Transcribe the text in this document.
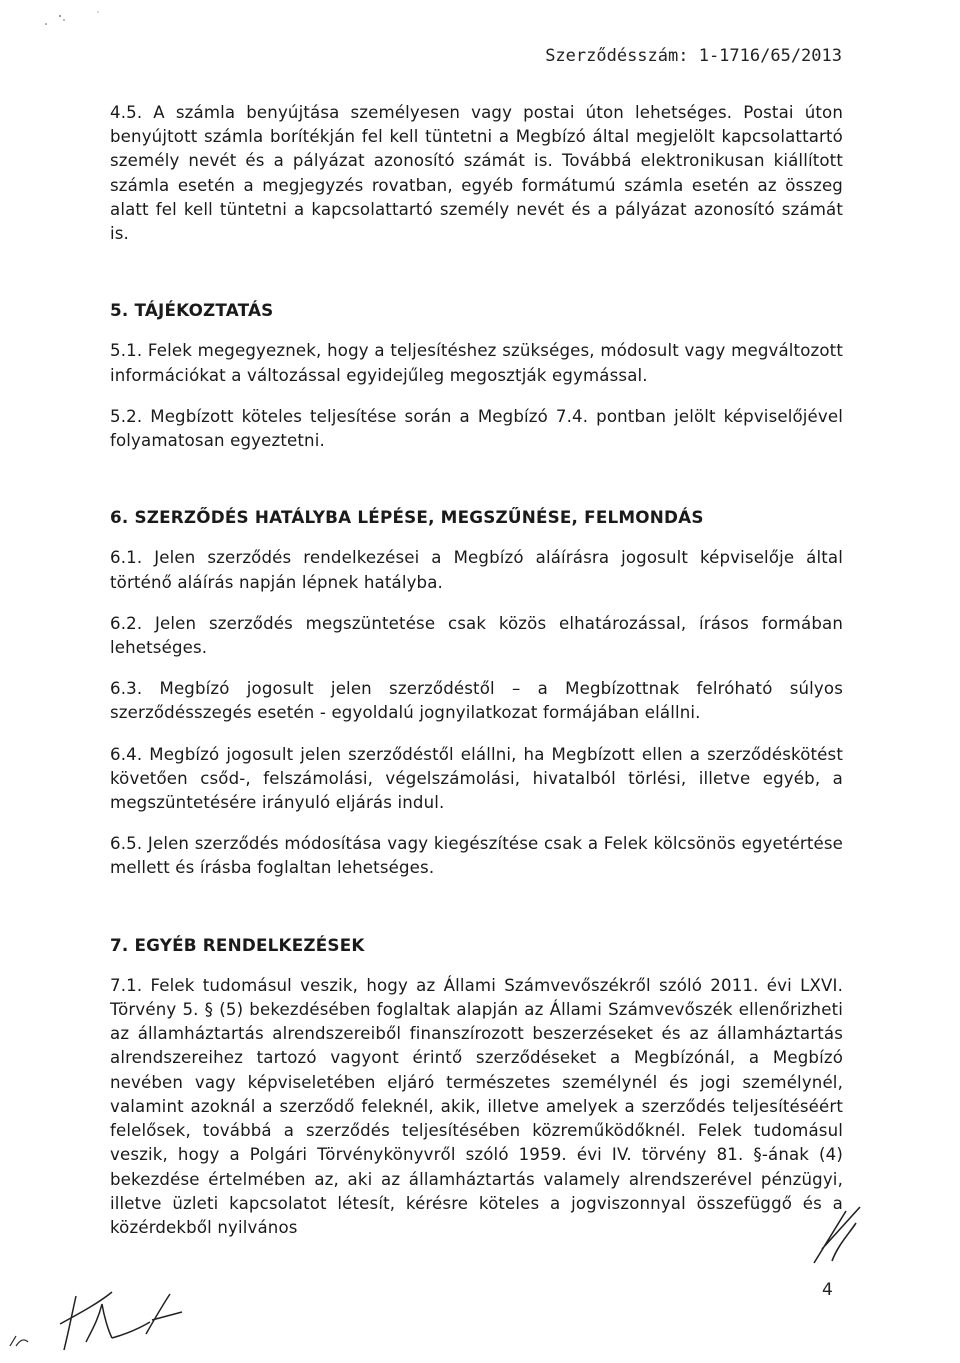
Szerződésszám: 1-1716/65/2013

4.5. A számla benyújtása személyesen vagy postai úton lehetséges. Postai úton benyújtott számla borítékján fel kell tüntetni a Megbízó által megjelölt kapcsolattartó személy nevét és a pályázat azonosító számát is. Továbbá elektronikusan kiállított számla esetén a megjegyzés rovatban, egyéb formátumú számla esetén az összeg alatt fel kell tüntetni a kapcsolattartó személy nevét és a pályázat azonosító számát is.

5. TÁJÉKOZTATÁS

5.1. Felek megegyeznek, hogy a teljesítéshez szükséges, módosult vagy megváltozott információkat a változással egyidejűleg megosztják egymással.

5.2. Megbízott köteles teljesítése során a Megbízó 7.4. pontban jelölt képviselőjével folyamatosan egyeztetni.

6. SZERZŐDÉS HATÁLYBA LÉPÉSE, MEGSZŰNÉSE, FELMONDÁS

6.1. Jelen szerződés rendelkezései a Megbízó aláírásra jogosult képviselője által történő aláírás napján lépnek hatályba.

6.2. Jelen szerződés megszüntetése csak közös elhatározással, írásos formában lehetséges.

6.3. Megbízó jogosult jelen szerződéstől – a Megbízottnak felróható súlyos szerződésszegés esetén - egyoldalú jognyilatkozat formájában elállni.

6.4. Megbízó jogosult jelen szerződéstől elállni, ha Megbízott ellen a szerződéskötést követően csőd-, felszámolási, végelszámolási, hivatalból törlési, illetve egyéb, a megszüntetésére irányuló eljárás indul.

6.5. Jelen szerződés módosítása vagy kiegészítése csak a Felek kölcsönös egyetértése mellett és írásba foglaltan lehetséges.

7. EGYÉB RENDELKEZÉSEK

7.1. Felek tudomásul veszik, hogy az Állami Számvevőszékről szóló 2011. évi LXVI. Törvény 5. § (5) bekezdésében foglaltak alapján az Állami Számvevőszék ellenőrizheti az államháztartás alrendszereiből finanszírozott beszerzéseket és az államháztartás alrendszereihez tartozó vagyont érintő szerződéseket a Megbízónál, a Megbízó nevében vagy képviseletében eljáró természetes személynél és jogi személynél, valamint azoknál a szerződő feleknél, akik, illetve amelyek a szerződés teljesítéséért felelősek, továbbá a szerződés teljesítésében közreműködőknél. Felek tudomásul veszik, hogy a Polgári Törvénykönyvről szóló 1959. évi IV. törvény 81. §-ának (4) bekezdése értelmében az, aki az államháztartás valamely alrendszerével pénzügyi, illetve üzleti kapcsolatot létesít, kérésre köteles a jogviszonnyal összefüggő és a közérdekből nyilvános

4
